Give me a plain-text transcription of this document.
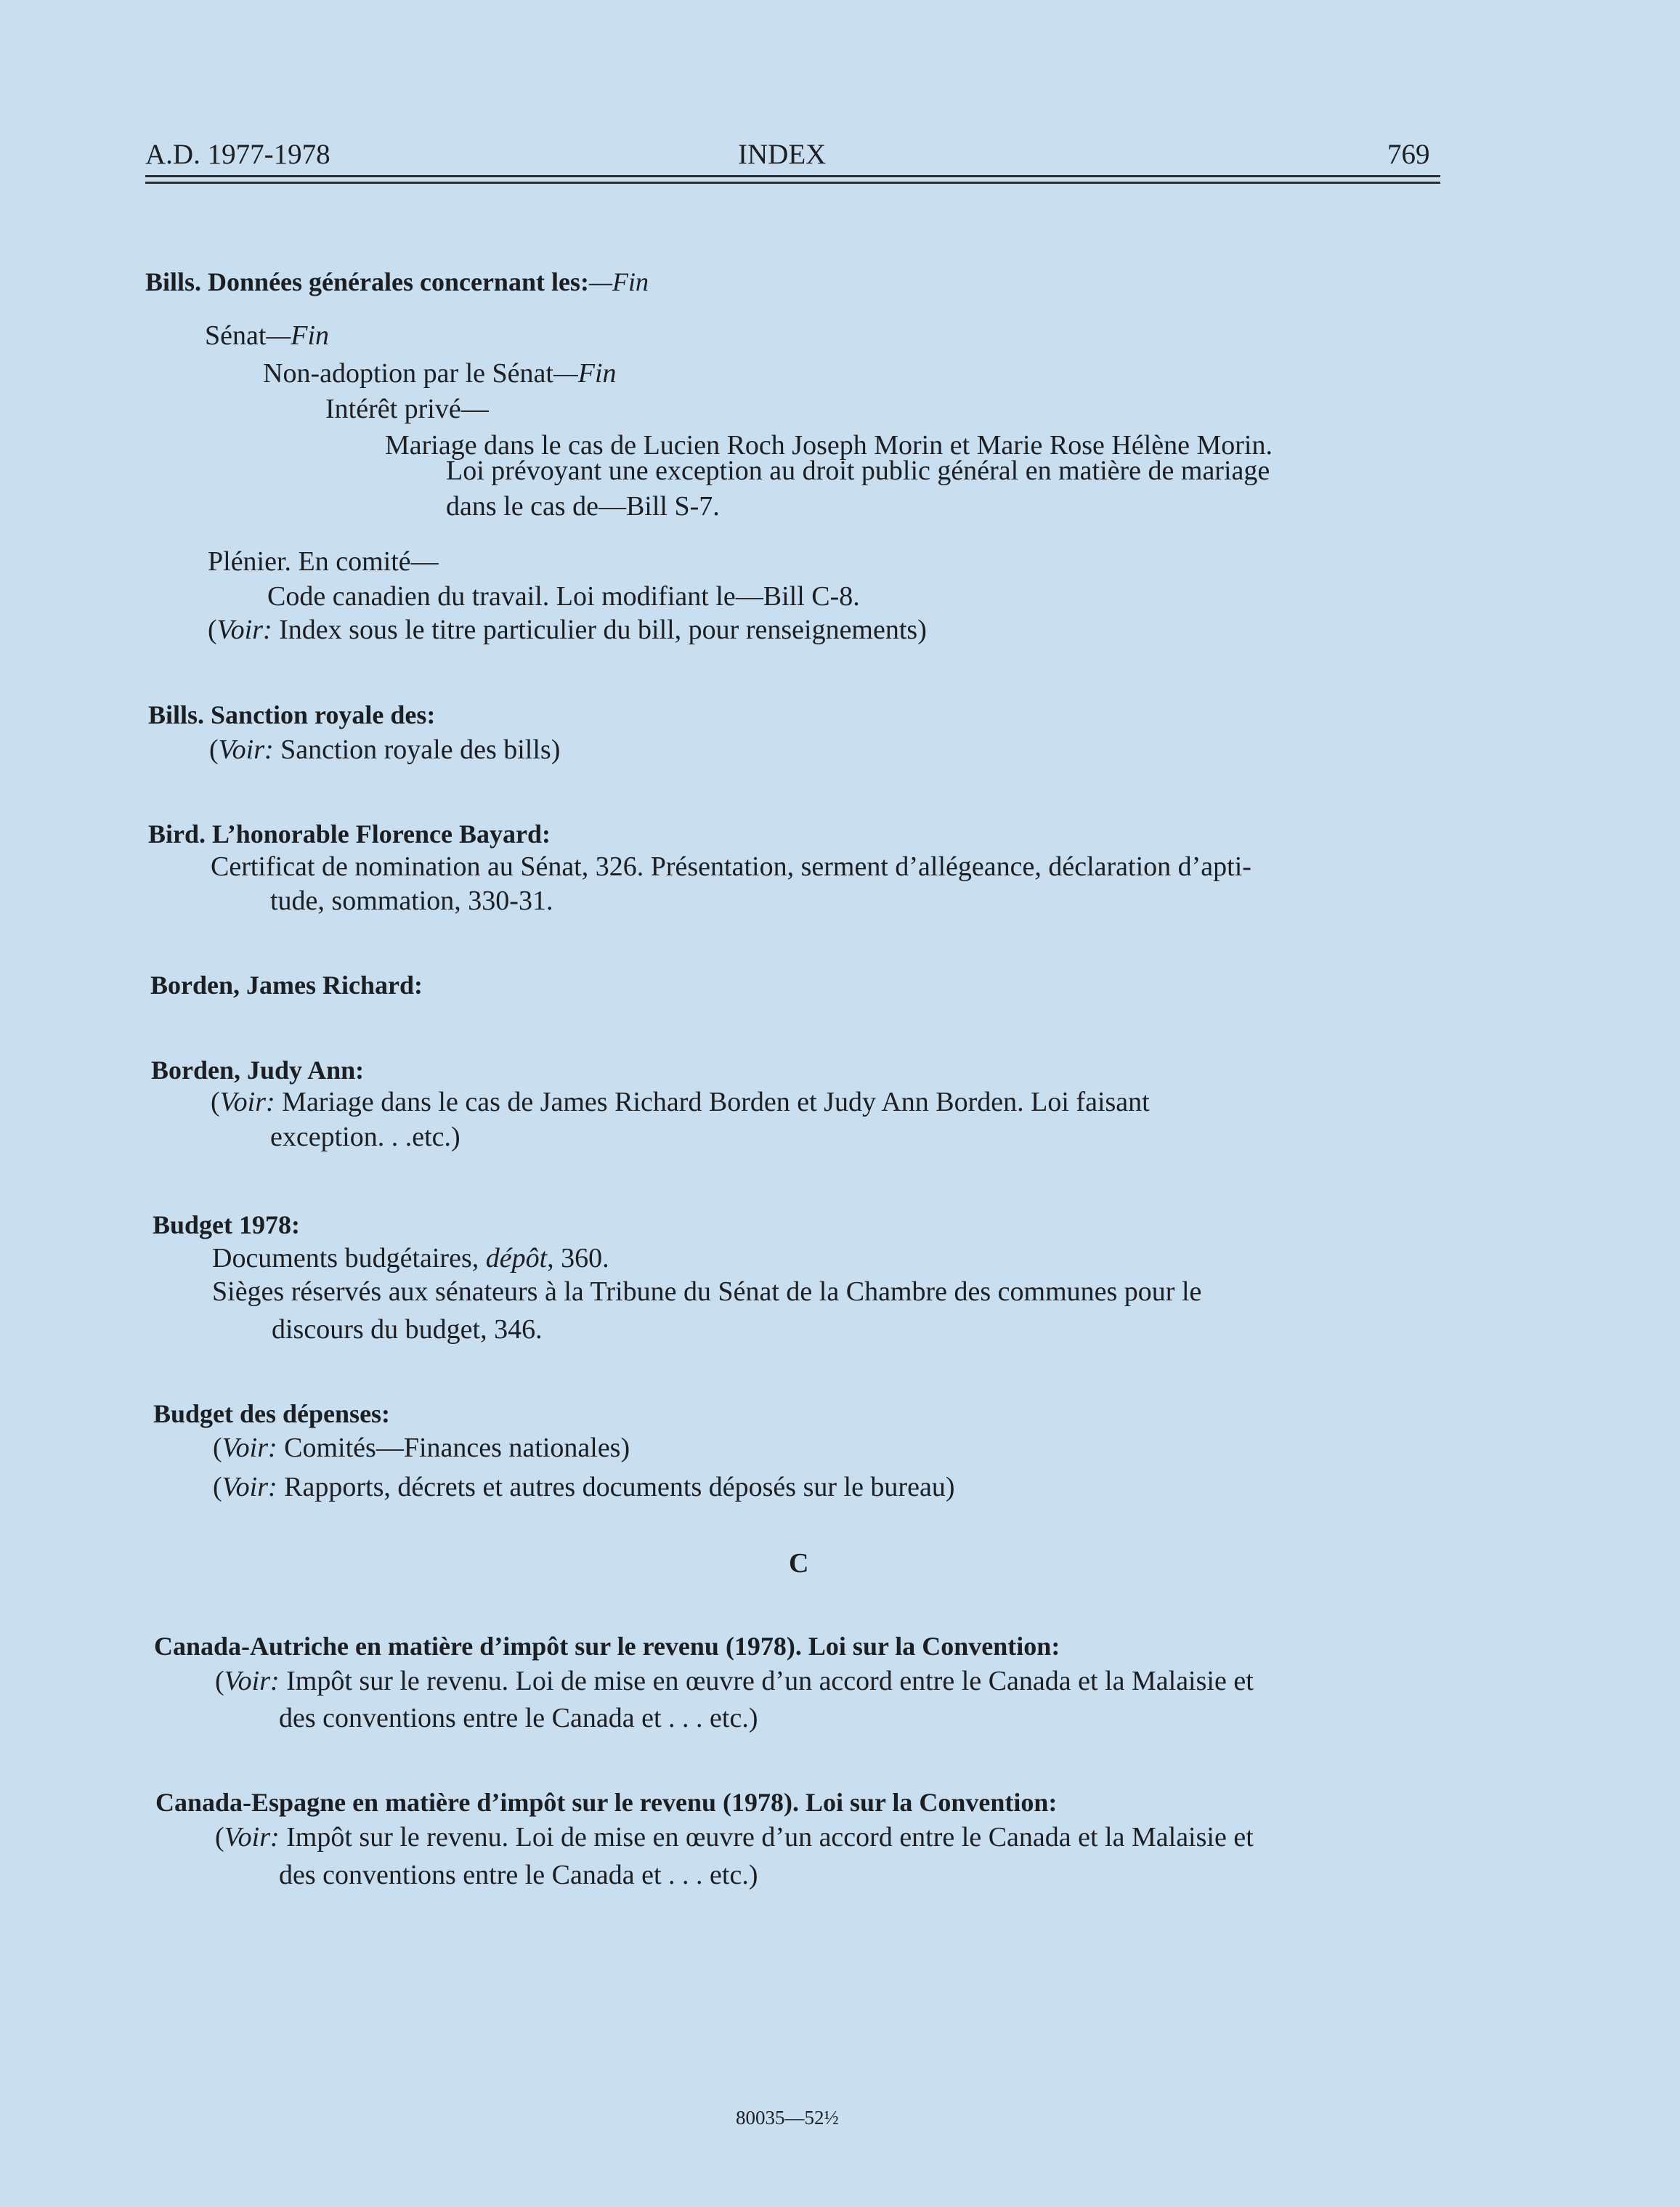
A.D. 1977-1978	INDEX	769
Bills. Données générales concernant les:—Fin
Sénat—Fin
Non-adoption par le Sénat—Fin
Intérêt privé—
Mariage dans le cas de Lucien Roch Joseph Morin et Marie Rose Hélène Morin.
Loi prévoyant une exception au droit public général en matière de mariage
dans le cas de—Bill S-7.
Plénier. En comité—
Code canadien du travail. Loi modifiant le—Bill C-8.
(Voir: Index sous le titre particulier du bill, pour renseignements)
Bills. Sanction royale des:
(Voir: Sanction royale des bills)
Bird. L’honorable Florence Bayard:
Certificat de nomination au Sénat, 326. Présentation, serment d’allégeance, déclaration d’apti-
tude, sommation, 330-31.
Borden, James Richard:
Borden, Judy Ann:
(Voir: Mariage dans le cas de James Richard Borden et Judy Ann Borden. Loi faisant
exception. . .etc.)
Budget 1978:
Documents budgétaires, dépôt, 360.
Sièges réservés aux sénateurs à la Tribune du Sénat de la Chambre des communes pour le
discours du budget, 346.
Budget des dépenses:
(Voir: Comités—Finances nationales)
(Voir: Rapports, décrets et autres documents déposés sur le bureau)
C
Canada-Autriche en matière d’impôt sur le revenu (1978). Loi sur la Convention:
(Voir: Impôt sur le revenu. Loi de mise en œuvre d’un accord entre le Canada et la Malaisie et
des conventions entre le Canada et . . . etc.)
Canada-Espagne en matière d’impôt sur le revenu (1978). Loi sur la Convention:
(Voir: Impôt sur le revenu. Loi de mise en œuvre d’un accord entre le Canada et la Malaisie et
des conventions entre le Canada et . . . etc.)
80035—52½
